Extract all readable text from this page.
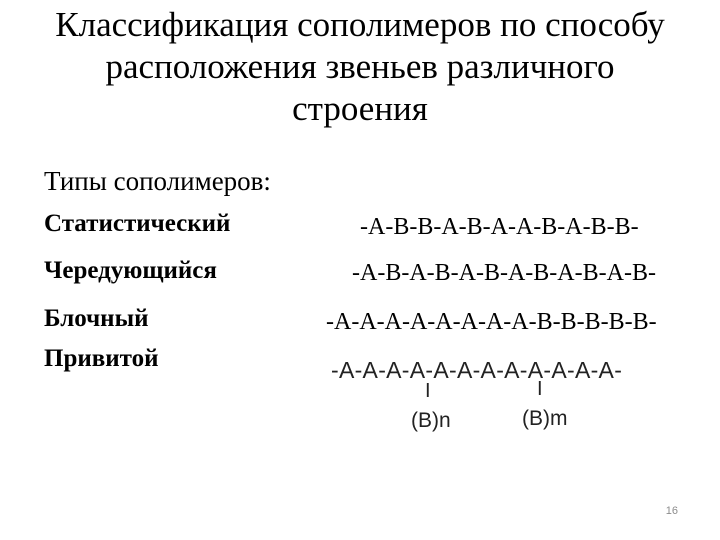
Классификация сополимеров по способу
расположения звеньев различного
строения
Типы сополимеров:
Статистический	-A-B-B-A-B-A-A-B-A-B-B-
Чередующийся	-A-B-A-B-A-B-A-B-A-B-A-B-
Блочный	-A-A-A-A-A-A-A-A-B-B-B-B-B-
Привитой	-A-A-A-A-A-A-A-A-A-A-A-A-
I
(B)n
I
(B)m
16
